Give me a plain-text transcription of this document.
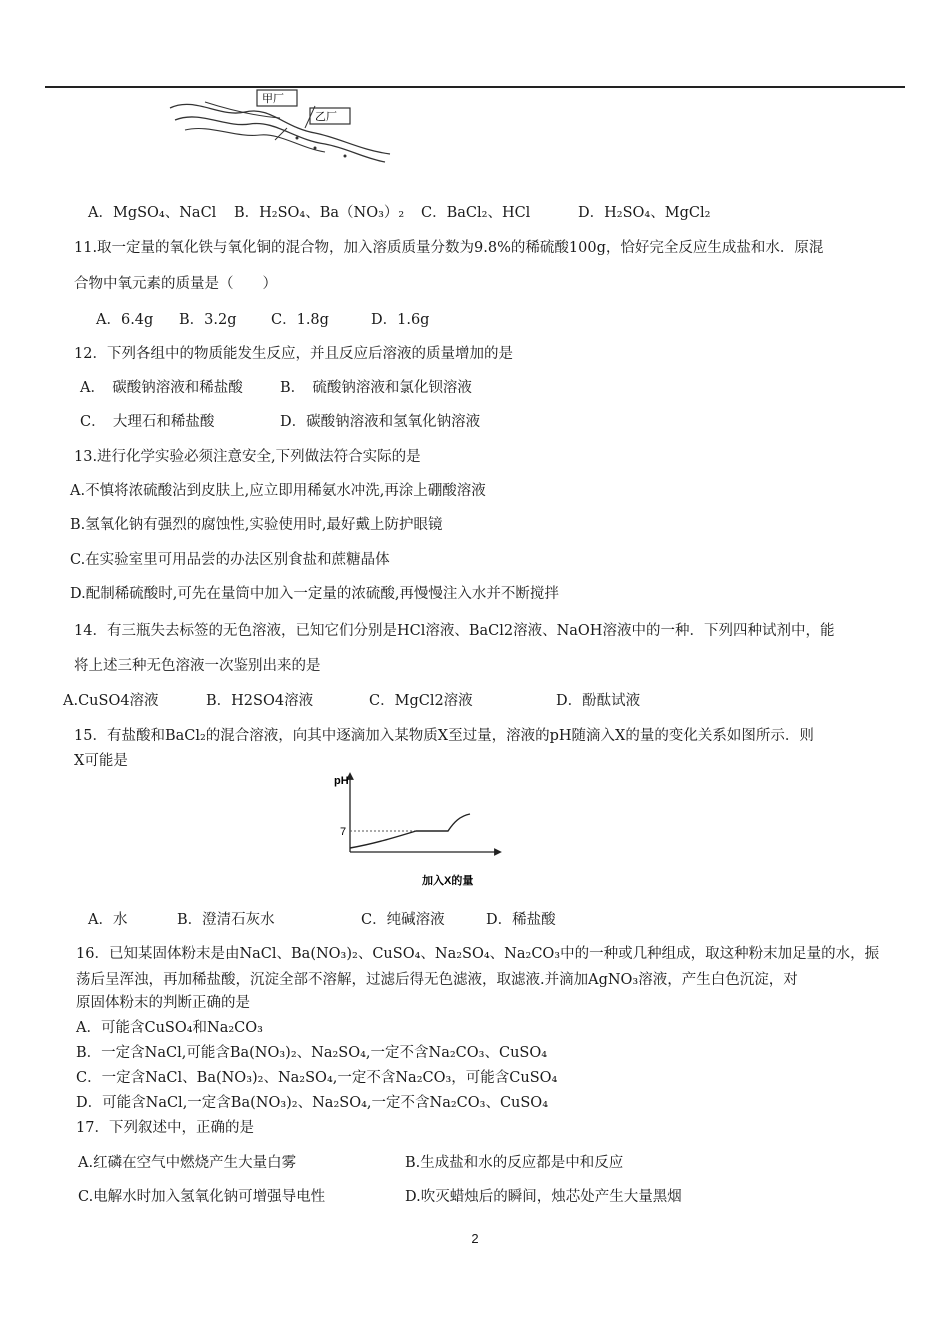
甲厂
乙厂
A．MgSO₄、NaCl B．H₂SO₄、Ba（NO₃）₂ C．BaCl₂、HCl	D．H₂SO₄、MgCl₂
11.取一定量的氧化铁与氧化铜的混合物，加入溶质质量分数为9.8%的稀硫酸100g，恰好完全反应生成盐和水．原混
合物中氧元素的质量是（　　）
A．6.4g B．3.2g C．1.8g	D．1.6g
12．下列各组中的物质能发生反应，并且反应后溶液的质量增加的是
A．　碳酸钠溶液和稀盐酸	B．　硫酸钠溶液和氯化钡溶液
C．　大理石和稀盐酸	D．碳酸钠溶液和氢氧化钠溶液
13.进行化学实验必须注意安全,下列做法符合实际的是
A.不慎将浓硫酸沾到皮肤上,应立即用稀氨水冲洗,再涂上硼酸溶液
B.氢氧化钠有强烈的腐蚀性,实验使用时,最好戴上防护眼镜
C.在实验室里可用品尝的办法区别食盐和蔗糖晶体
D.配制稀硫酸时,可先在量筒中加入一定量的浓硫酸,再慢慢注入水并不断搅拌
14．有三瓶失去标签的无色溶液，已知它们分别是HCl溶液、BaCl2溶液、NaOH溶液中的一种．下列四种试剂中，能
将上述三种无色溶液一次鉴别出来的是
A.CuSO4溶液	B．H2SO4溶液	C．MgCl2溶液	D．酚酞试液
15．有盐酸和BaCl₂的混合溶液，向其中逐滴加入某物质X至过量，溶液的pH随滴入X的量的变化关系如图所示．则
X可能是
pH
7
加入X的量
A．水	B．澄清石灰水	C．纯碱溶液	D．稀盐酸
16．已知某固体粉末是由NaCl、Ba(NO₃)₂、CuSO₄、Na₂SO₄、Na₂CO₃中的一种或几种组成，取这种粉末加足量的水，振
荡后呈浑浊，再加稀盐酸，沉淀全部不溶解，过滤后得无色滤液，取滤液.并滴加AgNO₃溶液，产生白色沉淀，对
原固体粉末的判断正确的是
A．可能含CuSO₄和Na₂CO₃
B．一定含NaCl,可能含Ba(NO₃)₂、Na₂SO₄,一定不含Na₂CO₃、CuSO₄
C．一定含NaCl、Ba(NO₃)₂、Na₂SO₄,一定不含Na₂CO₃，可能含CuSO₄
D．可能含NaCl,一定含Ba(NO₃)₂、Na₂SO₄,一定不含Na₂CO₃、CuSO₄
17．下列叙述中，正确的是
A.红磷在空气中燃烧产生大量白雾	B.生成盐和水的反应都是中和反应
C.电解水时加入氢氧化钠可增强导电性	D.吹灭蜡烛后的瞬间，烛芯处产生大量黑烟
2
